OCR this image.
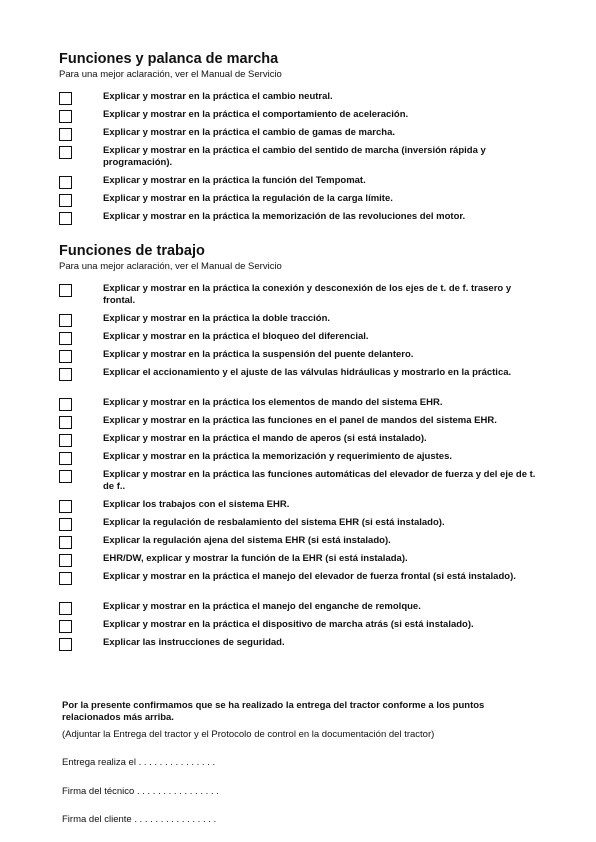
Funciones y palanca de marcha

Para una mejor aclaración, ver el Manual de Servicio

Explicar y mostrar en la práctica el cambio neutral.
Explicar y mostrar en la práctica el comportamiento de aceleración.
Explicar y mostrar en la práctica el cambio de gamas de marcha.
Explicar y mostrar en la práctica el cambio del sentido de marcha (inversión rápida y programación).
Explicar y mostrar en la práctica la función del Tempomat.
Explicar y mostrar en la práctica la regulación de la carga límite.
Explicar y mostrar en la práctica la memorización de las revoluciones del motor.
Funciones de trabajo

Para una mejor aclaración, ver el Manual de Servicio

Explicar y mostrar en la práctica la conexión y desconexión de los ejes de t. de f. trasero y frontal.
Explicar y mostrar en la práctica la doble tracción.
Explicar y mostrar en la práctica el bloqueo del diferencial.
Explicar y mostrar en la práctica la suspensión del puente delantero.
Explicar el accionamiento y el ajuste de las válvulas hidráulicas y mostrarlo en la práctica.
Explicar y mostrar en la práctica los elementos de mando del sistema EHR.
Explicar y mostrar en la práctica las funciones en el panel de mandos del sistema EHR.
Explicar y mostrar en la práctica el mando de aperos (si está instalado).
Explicar y mostrar en la práctica la memorización y requerimiento de ajustes.
Explicar y mostrar en la práctica las funciones automáticas del elevador de fuerza y del eje de t. de f..
Explicar los trabajos con el sistema EHR.
Explicar la regulación de resbalamiento del sistema EHR (si está instalado).
Explicar la regulación ajena del sistema EHR (si está instalado).
EHR/DW, explicar y mostrar la función de la EHR (si está instalada).
Explicar y mostrar en la práctica el manejo del elevador de fuerza frontal (si está instalado).
Explicar y mostrar en la práctica el manejo del enganche de remolque.
Explicar y mostrar en la práctica el dispositivo de marcha atrás (si está instalado).
Explicar las instrucciones de seguridad.
Por la presente confirmamos que se ha realizado la entrega del tractor conforme a los puntos relacionados más arriba.
(Adjuntar la Entrega del tractor y el Protocolo de control en la documentación del tractor)
Entrega realiza el . . . . . . . . . . . . . . .
Firma del técnico . . . . . . . . . . . . . . . .
Firma del cliente . . . . . . . . . . . . . . . .
